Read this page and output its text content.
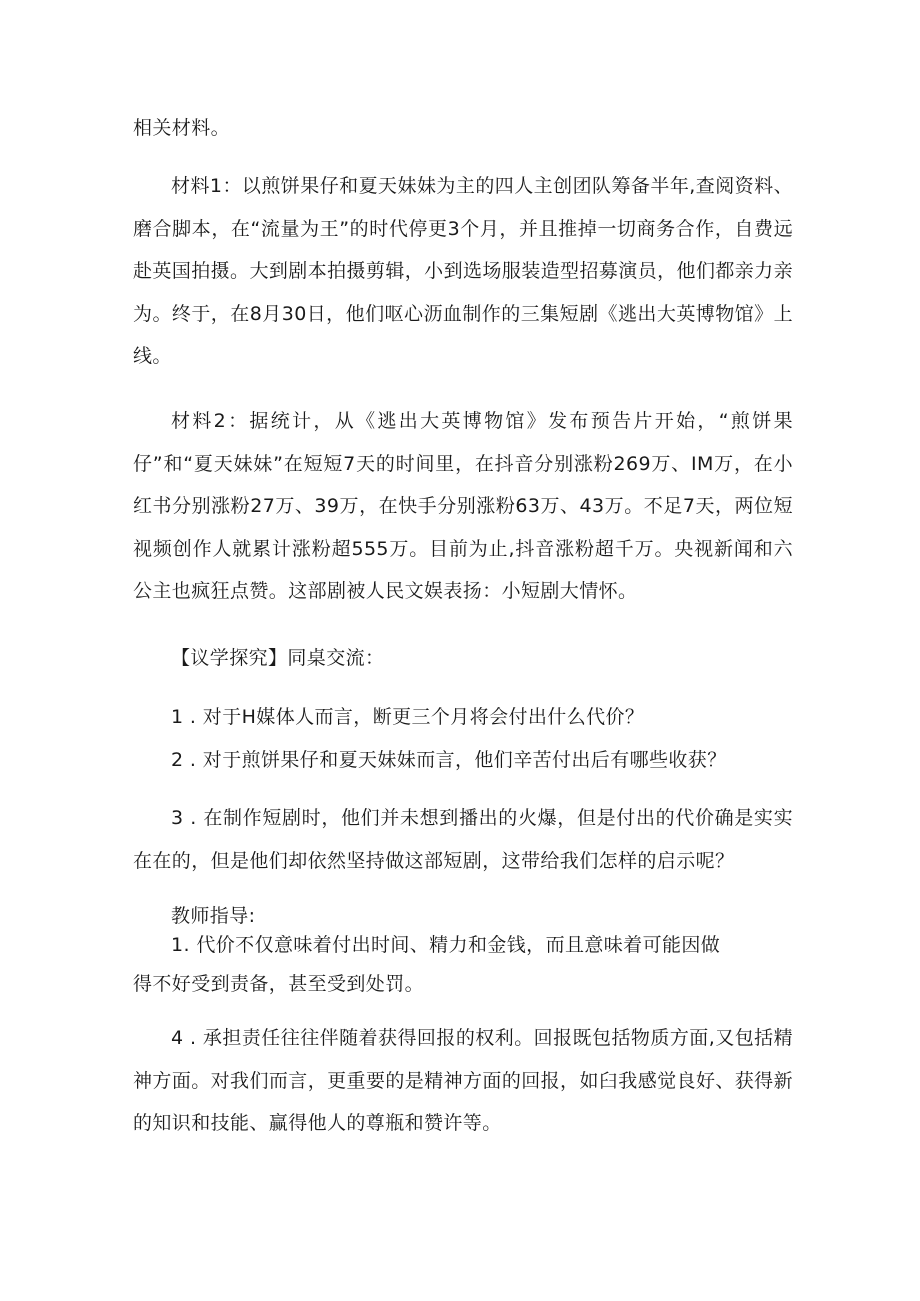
相关材料。

材料1：以煎饼果仔和夏天妹妹为主的四人主创团队筹备半年,查阅资料、磨合脚本，在“流量为王”的时代停更3个月，并且推掉一切商务合作，自费远赴英国拍摄。大到剧本拍摄剪辑，小到选场服装造型招募演员，他们都亲力亲为。终于，在8月30日，他们呕心沥血制作的三集短剧《逃出大英博物馆》上线。

材料2：据统计，从《逃出大英博物馆》发布预告片开始，“煎饼果仔”和“夏天妹妹”在短短7天的时间里，在抖音分别涨粉269万、IM万，在小红书分别涨粉27万、39万，在快手分别涨粉63万、43万。不足7天，两位短视频创作人就累计涨粉超555万。目前为止,抖音涨粉超千万。央视新闻和六公主也疯狂点赞。这部剧被人民文娱表扬：小短剧大情怀。

【议学探究】同桌交流：

1 . 对于H媒体人而言，断更三个月将会付出什么代价？

2 . 对于煎饼果仔和夏天妹妹而言，他们辛苦付出后有哪些收获？

3 . 在制作短剧时，他们并未想到播出的火爆，但是付出的代价确是实实在在的，但是他们却依然坚持做这部短剧，这带给我们怎样的启示呢？

教师指导:

1. 代价不仅意味着付出时间、精力和金钱，而且意味着可能因做

得不好受到责备，甚至受到处罚。

4 . 承担责任往往伴随着获得回报的权利。回报既包括物质方面,又包括精神方面。对我们而言，更重要的是精神方面的回报，如臼我感觉良好、获得新的知识和技能、赢得他人的尊瓶和赞许等。
